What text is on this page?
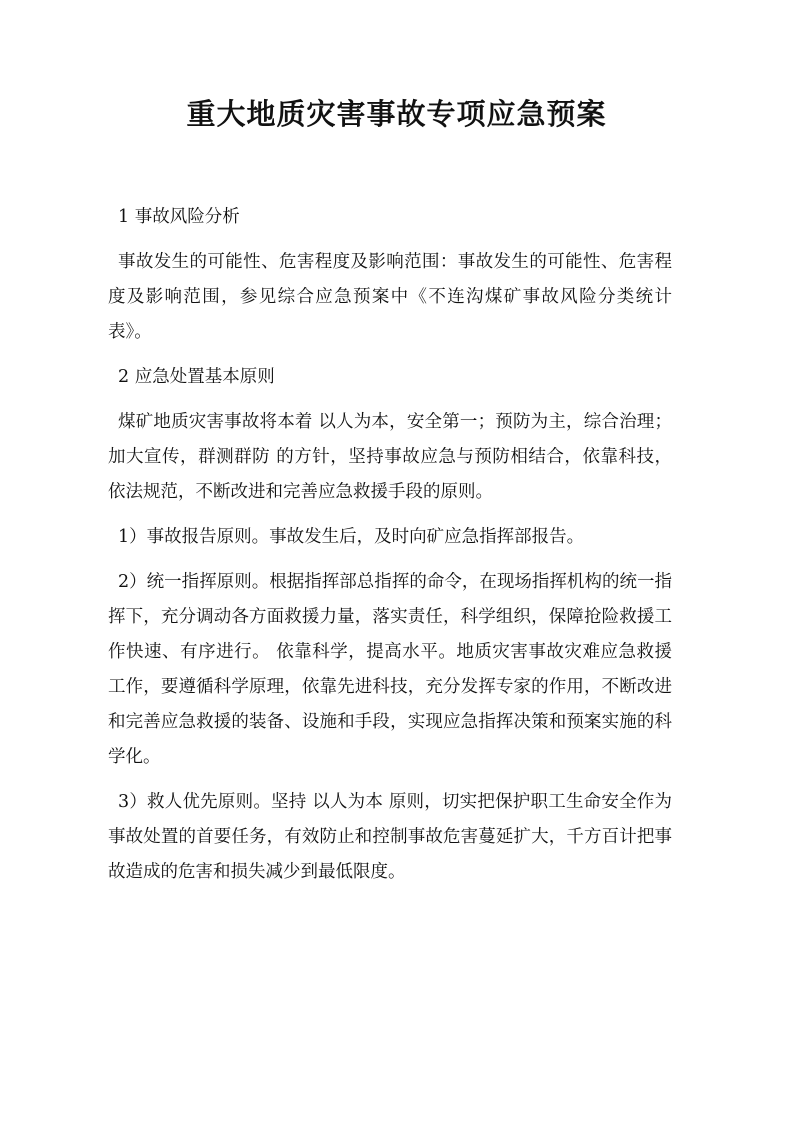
重大地质灾害事故专项应急预案

1 事故风险分析

事故发生的可能性、危害程度及影响范围：事故发生的可能性、危害程度及影响范围，参见综合应急预案中《不连沟煤矿事故风险分类统计表》。

2 应急处置基本原则

煤矿地质灾害事故将本着 以人为本，安全第一；预防为主，综合治理；加大宣传，群测群防 的方针，坚持事故应急与预防相结合，依靠科技，依法规范，不断改进和完善应急救援手段的原则。

1）事故报告原则。事故发生后，及时向矿应急指挥部报告。

2）统一指挥原则。根据指挥部总指挥的命令，在现场指挥机构的统一指挥下，充分调动各方面救援力量，落实责任，科学组织，保障抢险救援工作快速、有序进行。 依靠科学，提高水平。地质灾害事故灾难应急救援工作，要遵循科学原理，依靠先进科技，充分发挥专家的作用，不断改进和完善应急救援的装备、设施和手段，实现应急指挥决策和预案实施的科学化。

3）救人优先原则。坚持 以人为本 原则，切实把保护职工生命安全作为事故处置的首要任务，有效防止和控制事故危害蔓延扩大，千方百计把事故造成的危害和损失减少到最低限度。
